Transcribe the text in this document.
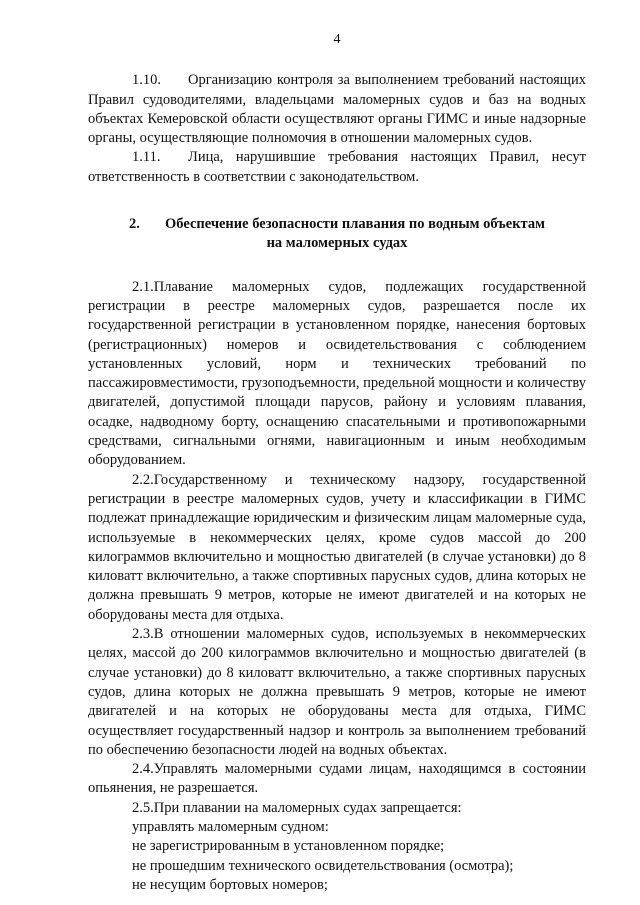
4

1.10. Организацию контроля за выполнением требований настоящих Правил судоводителями, владельцами маломерных судов и баз на водных объектах Кемеровской области осуществляют органы ГИМС и иные надзорные органы, осуществляющие полномочия в отношении маломерных судов.

1.11. Лица, нарушившие требования настоящих Правил, несут ответственность в соответствии с законодательством.

2. Обеспечение безопасности плавания по водным объектам
на маломерных судах

2.1.Плавание маломерных судов, подлежащих государственной регистрации в реестре маломерных судов, разрешается после их государственной регистрации в установленном порядке, нанесения бортовых (регистрационных) номеров и освидетельствования с соблюдением установленных условий, норм и технических требований по пассажировместимости, грузоподъемности, предельной мощности и количеству двигателей, допустимой площади парусов, району и условиям плавания, осадке, надводному борту, оснащению спасательными и противопожарными средствами, сигнальными огнями, навигационным и иным необходимым оборудованием.

2.2.Государственному и техническому надзору, государственной регистрации в реестре маломерных судов, учету и классификации в ГИМС подлежат принадлежащие юридическим и физическим лицам маломерные суда, используемые в некоммерческих целях, кроме судов массой до 200 килограммов включительно и мощностью двигателей (в случае установки) до 8 киловатт включительно, а также спортивных парусных судов, длина которых не должна превышать 9 метров, которые не имеют двигателей и на которых не оборудованы места для отдыха.

2.3.В отношении маломерных судов, используемых в некоммерческих целях, массой до 200 килограммов включительно и мощностью двигателей (в случае установки) до 8 киловатт включительно, а также спортивных парусных судов, длина которых не должна превышать 9 метров, которые не имеют двигателей и на которых не оборудованы места для отдыха, ГИМС осуществляет государственный надзор и контроль за выполнением требований по обеспечению безопасности людей на водных объектах.

2.4.Управлять маломерными судами лицам, находящимся в состоянии опьянения, не разрешается.

2.5.При плавании на маломерных судах запрещается:

управлять маломерным судном:
не зарегистрированным в установленном порядке;
не прошедшим технического освидетельствования (осмотра);
не несущим бортовых номеров;
